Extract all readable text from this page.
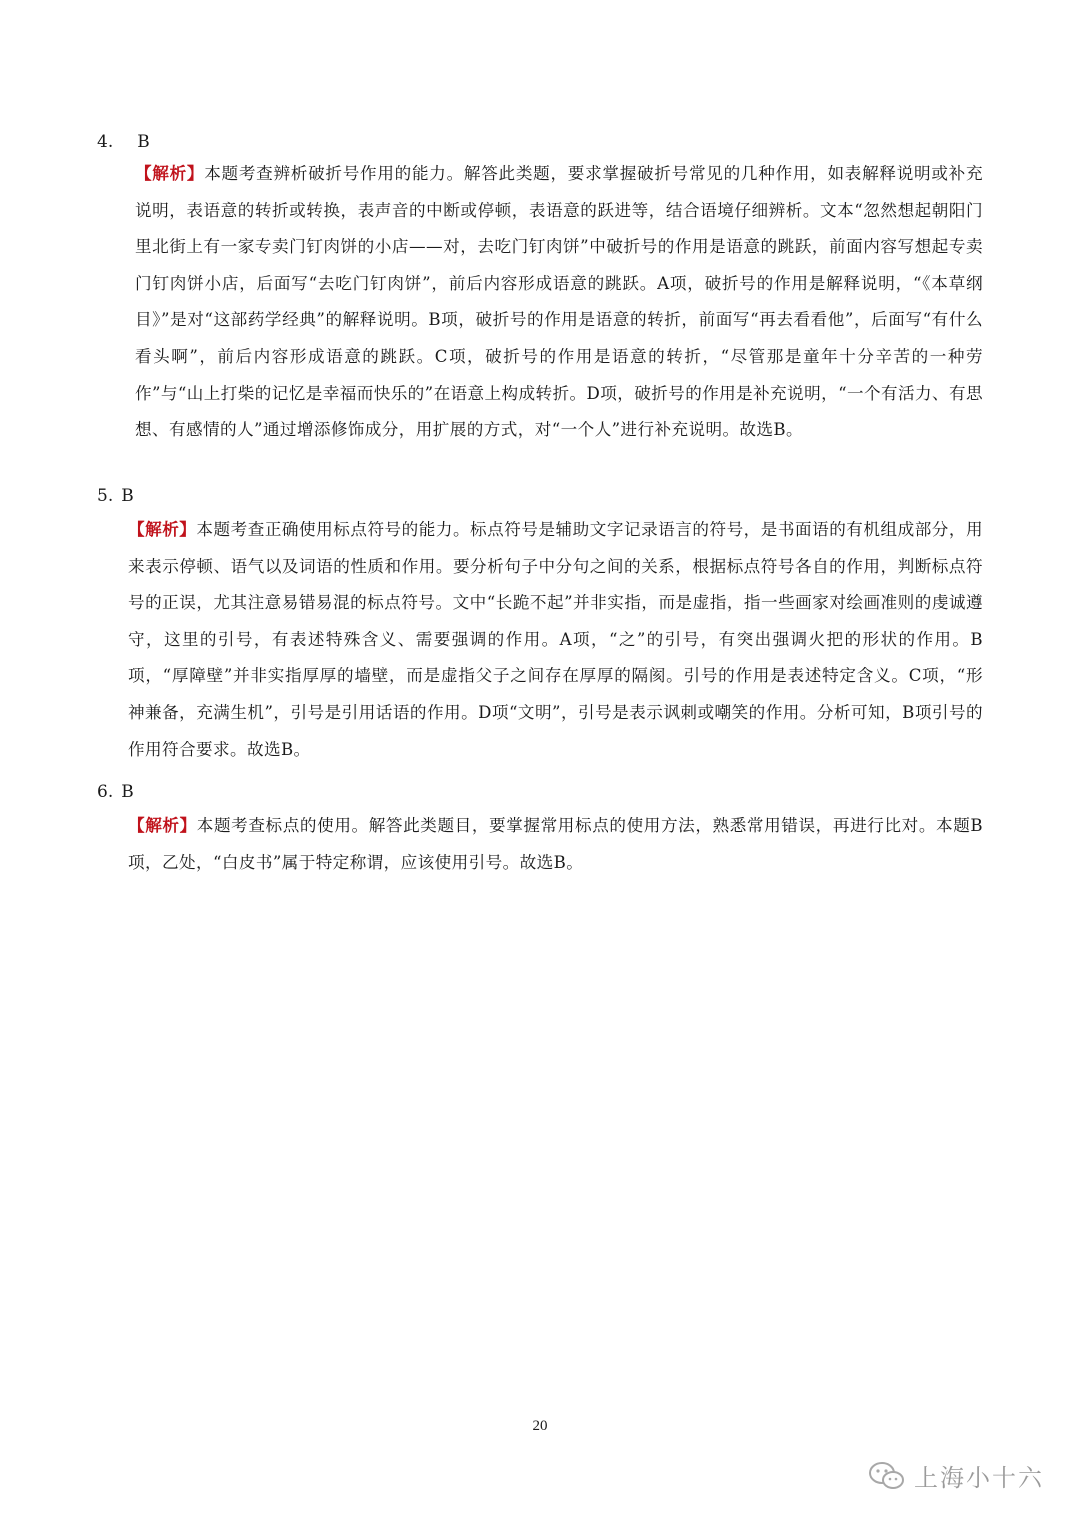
4. B
【解析】本题考查辨析破折号作用的能力。解答此类题，要求掌握破折号常见的几种作用，如表解释说明或补充说明，表语意的转折或转换，表声音的中断或停顿，表语意的跃进等，结合语境仔细辨析。文本“忽然想起朝阳门里北街上有一家专卖门钉肉饼的小店——对，去吃门钉肉饼”中破折号的作用是语意的跳跃，前面内容写想起专卖门钉肉饼小店，后面写“去吃门钉肉饼”，前后内容形成语意的跳跃。A项，破折号的作用是解释说明，“《本草纲目》”是对“这部药学经典”的解释说明。B项，破折号的作用是语意的转折，前面写“再去看看他”，后面写“有什么看头啊”，前后内容形成语意的跳跃。C项，破折号的作用是语意的转折，“尽管那是童年十分辛苦的一种劳作”与“山上打柴的记忆是幸福而快乐的”在语意上构成转折。D项，破折号的作用是补充说明，“一个有活力、有思想、有感情的人”通过增添修饰成分，用扩展的方式，对“一个人”进行补充说明。故选B。
5. B
【解析】本题考查正确使用标点符号的能力。标点符号是辅助文字记录语言的符号，是书面语的有机组成部分，用来表示停顿、语气以及词语的性质和作用。要分析句子中分句之间的关系，根据标点符号各自的作用，判断标点符号的正误，尤其注意易错易混的标点符号。文中“长跪不起”并非实指，而是虚指，指一些画家对绘画准则的虔诚遵守，这里的引号，有表述特殊含义、需要强调的作用。A项，“之”的引号，有突出强调火把的形状的作用。B项，“厚障壁”并非实指厚厚的墙壁，而是虚指父子之间存在厚厚的隔阂。引号的作用是表述特定含义。C项，“形神兼备，充满生机”，引号是引用话语的作用。D项“文明”，引号是表示讽刺或嘲笑的作用。分析可知，B项引号的作用符合要求。故选B。
6. B
【解析】本题考查标点的使用。解答此类题目，要掌握常用标点的使用方法，熟悉常用错误，再进行比对。本题B项，乙处，“白皮书”属于特定称谓，应该使用引号。故选B。
20
上海小十六
